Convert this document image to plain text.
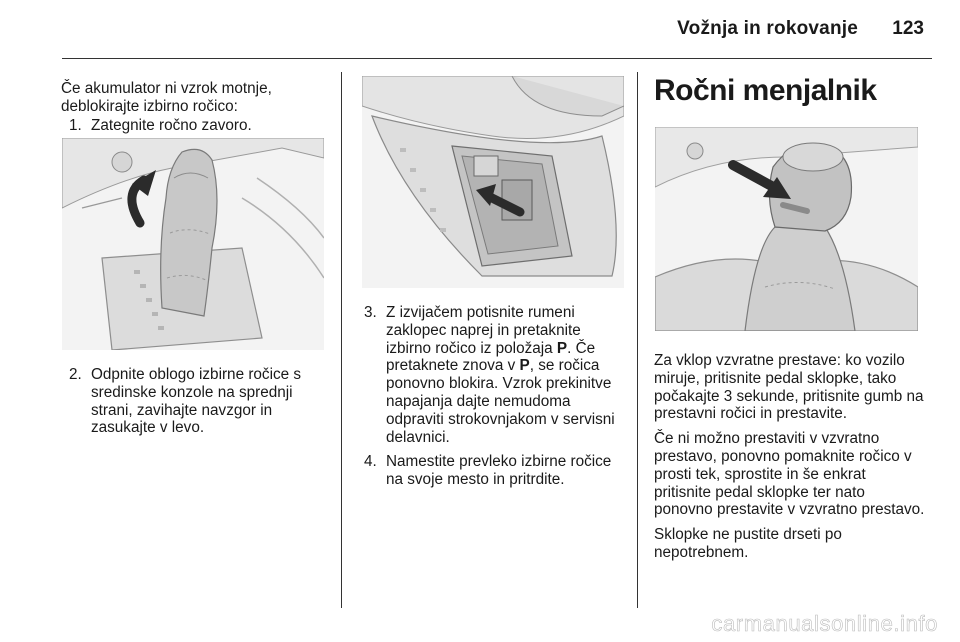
Vožnja in rokovanje	123

Če akumulator ni vzrok motnje, deblokirajte izbirno ročico:

1. Zategnite ročno zavoro.
2. Odpnite oblogo izbirne ročice s sredinske konzole na sprednji strani, zavihajte navzgor in zasukajte v levo.
3. Z izvijačem potisnite rumeni zaklopec naprej in pretaknite izbirno ročico iz položaja P. Če pretaknete znova v P, se ročica ponovno blokira. Vzrok prekinitve napajanja dajte nemudoma odpraviti strokovnjakom v servisni delavnici.
4. Namestite prevleko izbirne ročice na svoje mesto in pritrdite.
Ročni menjalnik

Za vklop vzvratne prestave: ko vozilo miruje, pritisnite pedal sklopke, tako počakajte 3 sekunde, pritisnite gumb na prestavni ročici in prestavite.

Če ni možno prestaviti v vzvratno prestavo, ponovno pomaknite ročico v prosti tek, sprostite in še enkrat pritisnite pedal sklopke ter nato ponovno prestavite v vzvratno prestavo.

Sklopke ne pustite drseti po nepotrebnem.

carmanualsonline.info
